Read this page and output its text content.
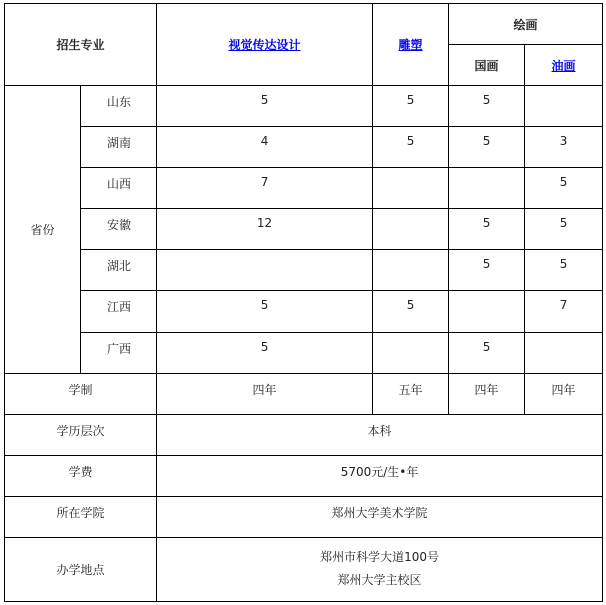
招生专业		视觉传达设计	雕塑	绘画	
				国画	油画
省份	山东	5	5	5	
	湖南	4	5	5	3
	山西	7			5
	安徽	12		5	5
	湖北			5	5
	江西	5	5		7
	广西	5		5	
学制		四年	五年	四年	四年
学历层次		本科			
学费		5700元/生•年			
所在学院		郑州大学美术学院			
办学地点		郑州市科学大道100号
郑州大学主校区			
